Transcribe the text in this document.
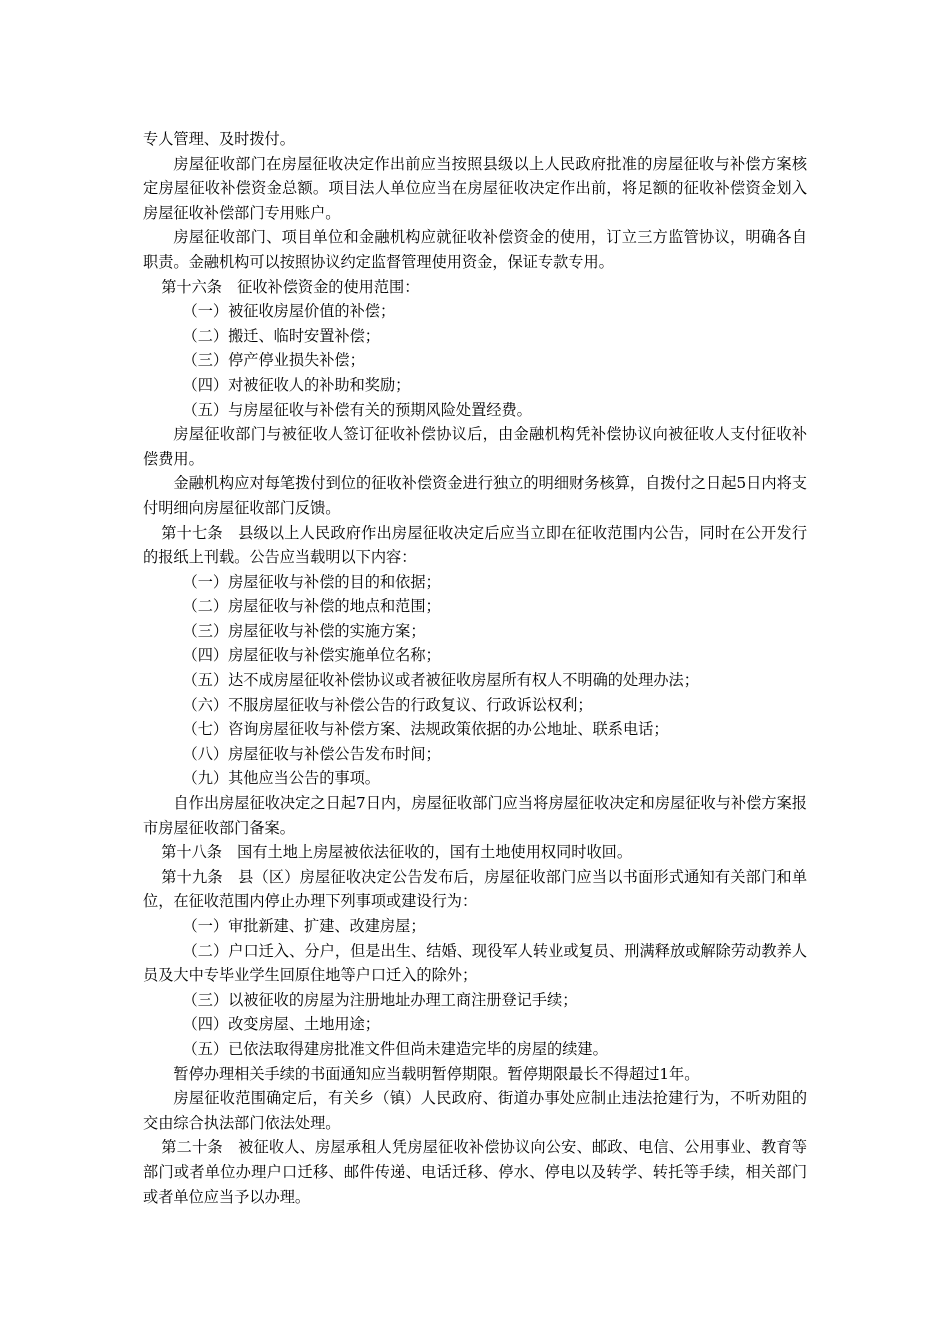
专人管理、及时拨付。

房屋征收部门在房屋征收决定作出前应当按照县级以上人民政府批准的房屋征收与补偿方案核定房屋征收补偿资金总额。项目法人单位应当在房屋征收决定作出前，将足额的征收补偿资金划入房屋征收补偿部门专用账户。

房屋征收部门、项目单位和金融机构应就征收补偿资金的使用，订立三方监管协议，明确各自职责。金融机构可以按照协议约定监督管理使用资金，保证专款专用。

第十六条　征收补偿资金的使用范围：

（一）被征收房屋价值的补偿；

（二）搬迁、临时安置补偿；

（三）停产停业损失补偿；

（四）对被征收人的补助和奖励；

（五）与房屋征收与补偿有关的预期风险处置经费。

房屋征收部门与被征收人签订征收补偿协议后，由金融机构凭补偿协议向被征收人支付征收补偿费用。

金融机构应对每笔拨付到位的征收补偿资金进行独立的明细财务核算，自拨付之日起5日内将支付明细向房屋征收部门反馈。

第十七条　县级以上人民政府作出房屋征收决定后应当立即在征收范围内公告，同时在公开发行的报纸上刊载。公告应当载明以下内容：

（一）房屋征收与补偿的目的和依据；

（二）房屋征收与补偿的地点和范围；

（三）房屋征收与补偿的实施方案；

（四）房屋征收与补偿实施单位名称；

（五）达不成房屋征收补偿协议或者被征收房屋所有权人不明确的处理办法；

（六）不服房屋征收与补偿公告的行政复议、行政诉讼权利；

（七）咨询房屋征收与补偿方案、法规政策依据的办公地址、联系电话；

（八）房屋征收与补偿公告发布时间；

（九）其他应当公告的事项。

自作出房屋征收决定之日起7日内，房屋征收部门应当将房屋征收决定和房屋征收与补偿方案报市房屋征收部门备案。

第十八条　国有土地上房屋被依法征收的，国有土地使用权同时收回。

第十九条　县（区）房屋征收决定公告发布后，房屋征收部门应当以书面形式通知有关部门和单位，在征收范围内停止办理下列事项或建设行为：

（一）审批新建、扩建、改建房屋；

（二）户口迁入、分户，但是出生、结婚、现役军人转业或复员、刑满释放或解除劳动教养人员及大中专毕业学生回原住地等户口迁入的除外；

（三）以被征收的房屋为注册地址办理工商注册登记手续；

（四）改变房屋、土地用途；

（五）已依法取得建房批准文件但尚未建造完毕的房屋的续建。

暂停办理相关手续的书面通知应当载明暂停期限。暂停期限最长不得超过1年。

房屋征收范围确定后，有关乡（镇）人民政府、街道办事处应制止违法抢建行为，不听劝阻的交由综合执法部门依法处理。

第二十条　被征收人、房屋承租人凭房屋征收补偿协议向公安、邮政、电信、公用事业、教育等部门或者单位办理户口迁移、邮件传递、电话迁移、停水、停电以及转学、转托等手续，相关部门或者单位应当予以办理。
